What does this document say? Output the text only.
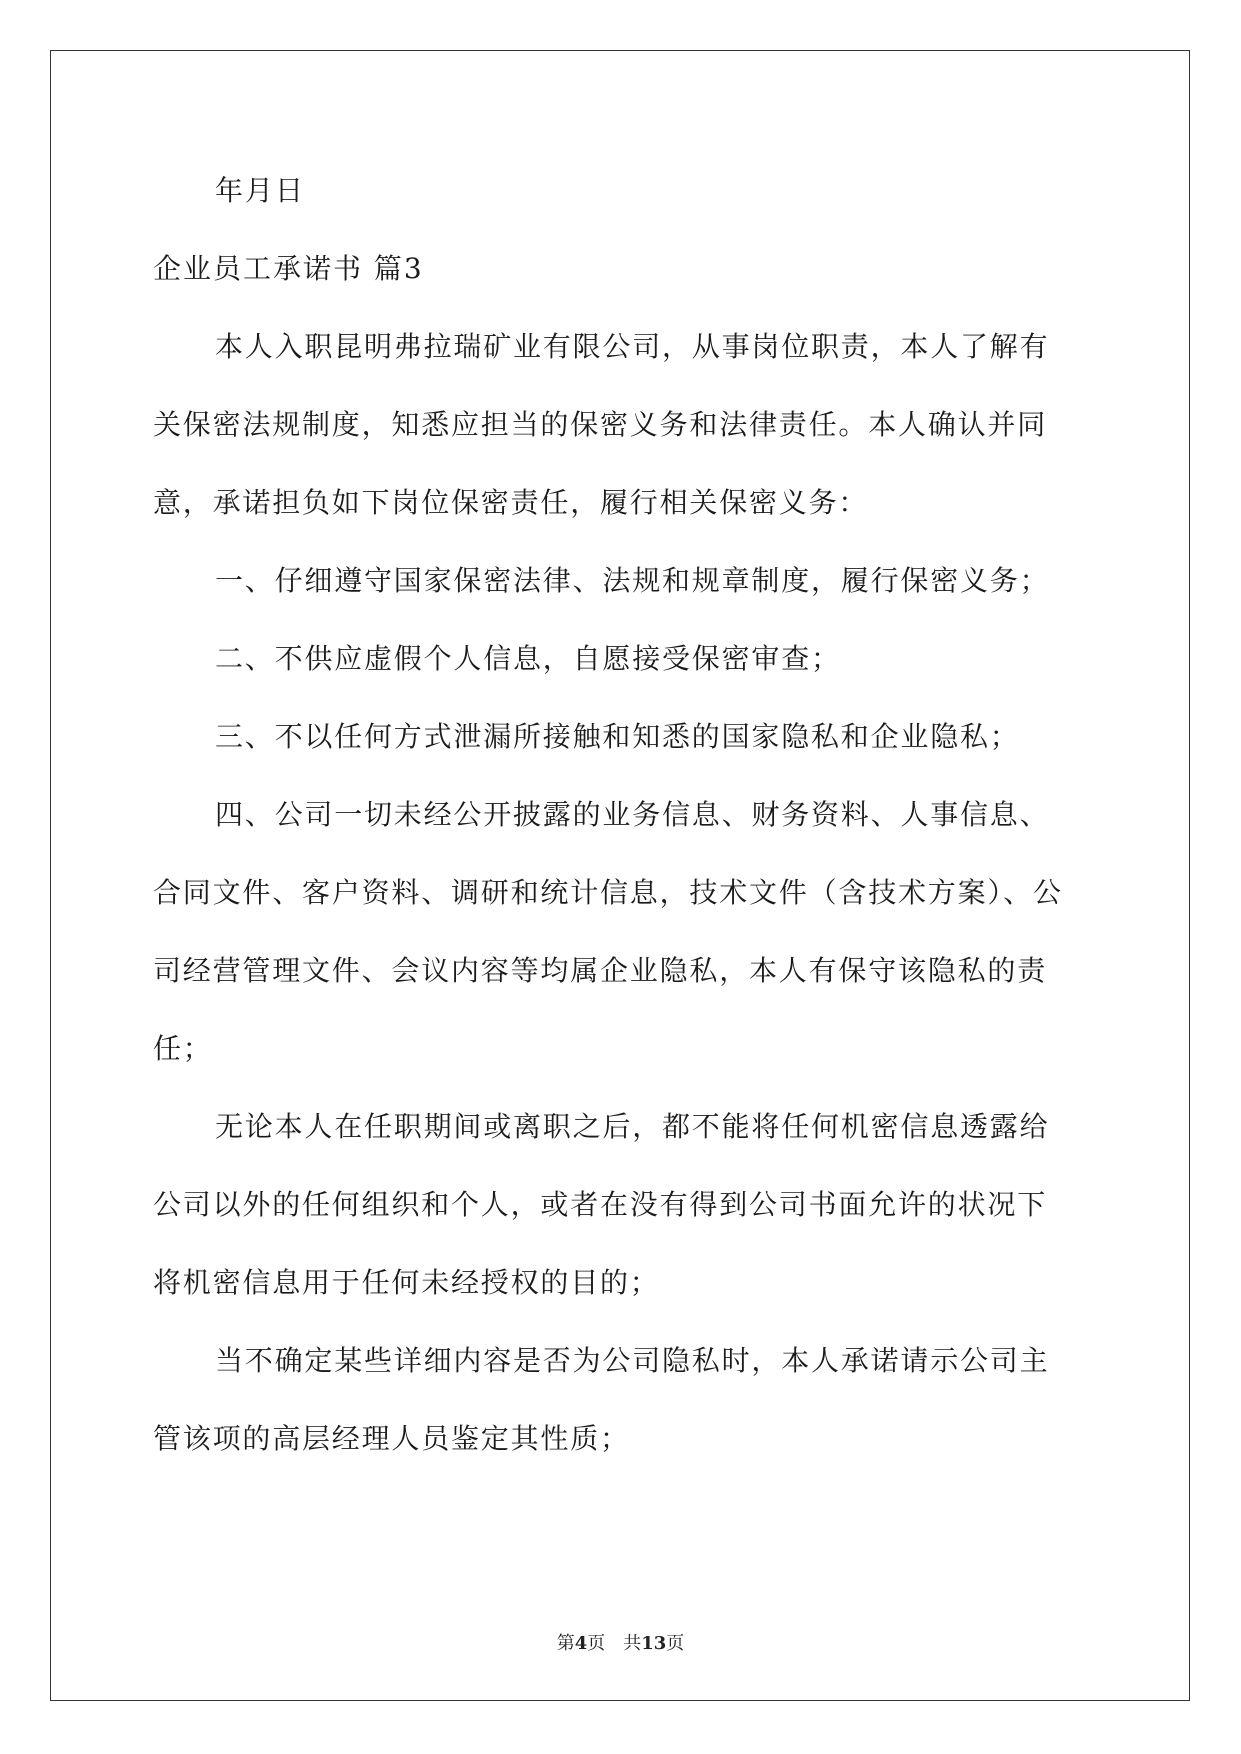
年月日
企业员工承诺书 篇3
本人入职昆明弗拉瑞矿业有限公司，从事岗位职责，本人了解有
关保密法规制度，知悉应担当的保密义务和法律责任。本人确认并同
意，承诺担负如下岗位保密责任，履行相关保密义务：
一、仔细遵守国家保密法律、法规和规章制度，履行保密义务；
二、不供应虚假个人信息，自愿接受保密审查；
三、不以任何方式泄漏所接触和知悉的国家隐私和企业隐私；
四、公司一切未经公开披露的业务信息、财务资料、人事信息、
合同文件、客户资料、调研和统计信息，技术文件（含技术方案）、公
司经营管理文件、会议内容等均属企业隐私，本人有保守该隐私的责
任；
无论本人在任职期间或离职之后，都不能将任何机密信息透露给
公司以外的任何组织和个人，或者在没有得到公司书面允许的状况下
将机密信息用于任何未经授权的目的；
当不确定某些详细内容是否为公司隐私时，本人承诺请示公司主
管该项的高层经理人员鉴定其性质；
第4页　共13页
